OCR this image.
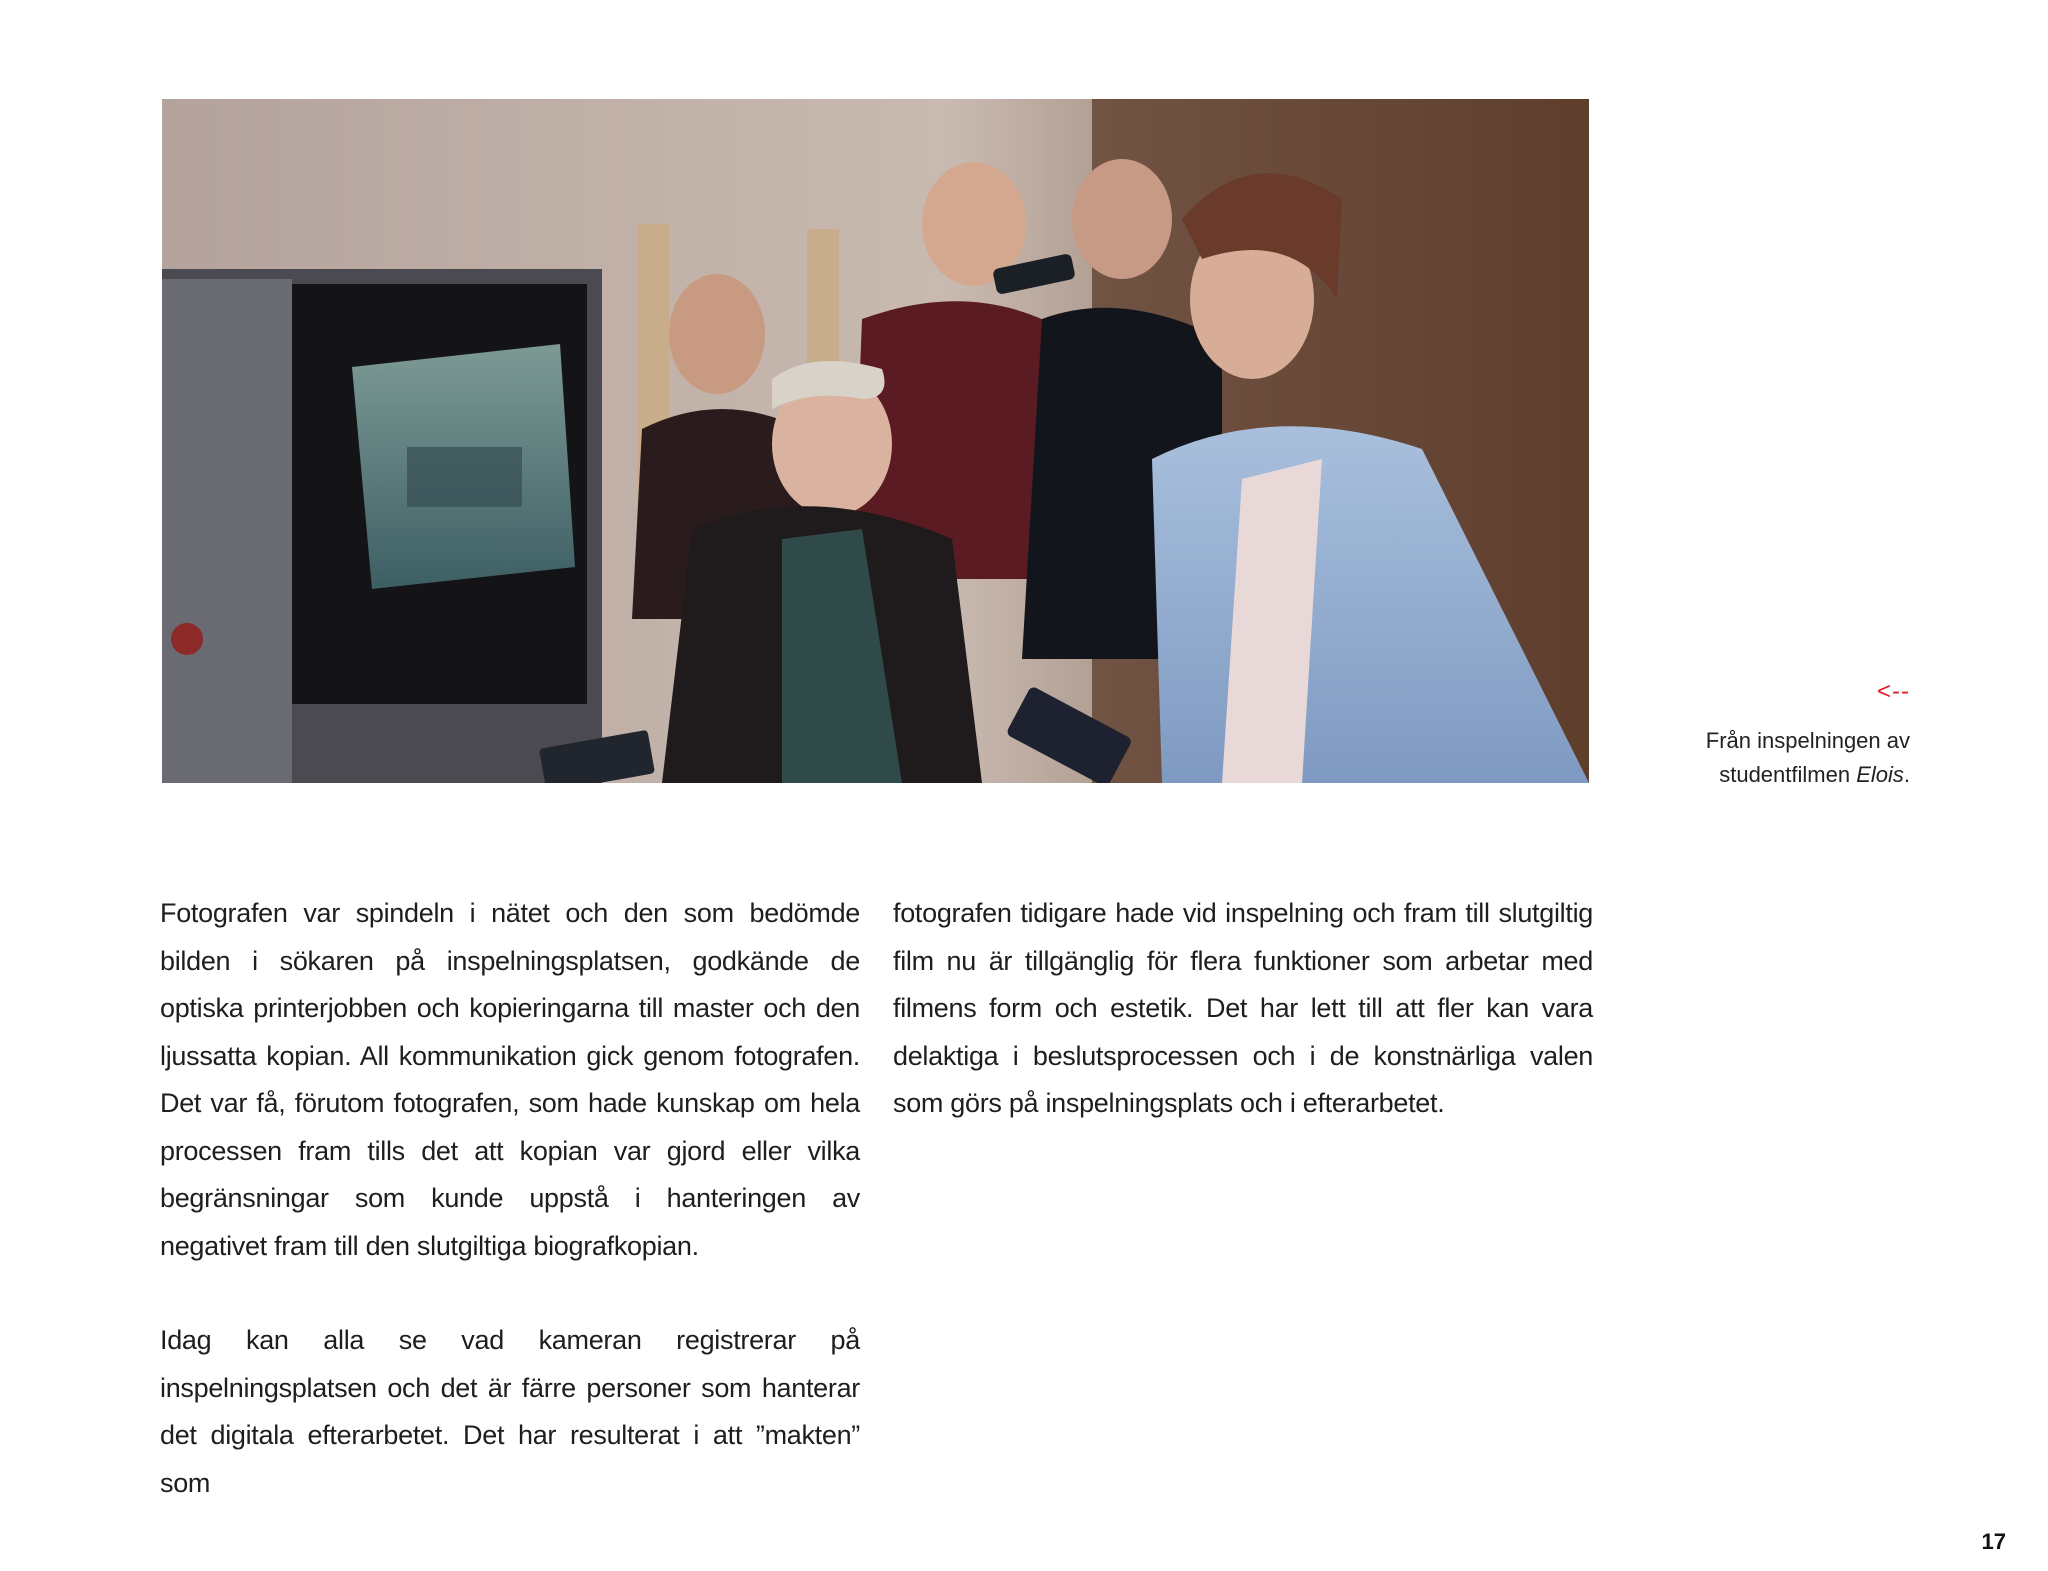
<--
Från inspelningen av studentfilmen Elois.

Fotografen var spindeln i nätet och den som bedömde bilden i sökaren på inspelningsplatsen, godkände de optiska printerjobben och kopieringarna till master och den ljussatta kopian. All kommunikation gick genom fotografen. Det var få, förutom fotografen, som hade kunskap om hela processen fram tills det att kopian var gjord eller vilka begränsningar som kunde uppstå i hanteringen av negativet fram till den slutgiltiga biografkopian.

Idag kan alla se vad kameran registrerar på inspelningsplatsen och det är färre personer som hanterar det digitala efterarbetet. Det har resulterat i att ”makten” som

fotografen tidigare hade vid inspelning och fram till slutgiltig film nu är tillgänglig för flera funktioner som arbetar med filmens form och estetik. Det har lett till att fler kan vara delaktiga i beslutsprocessen och i de konstnärliga valen som görs på inspelningsplats och i efterarbetet.

17
